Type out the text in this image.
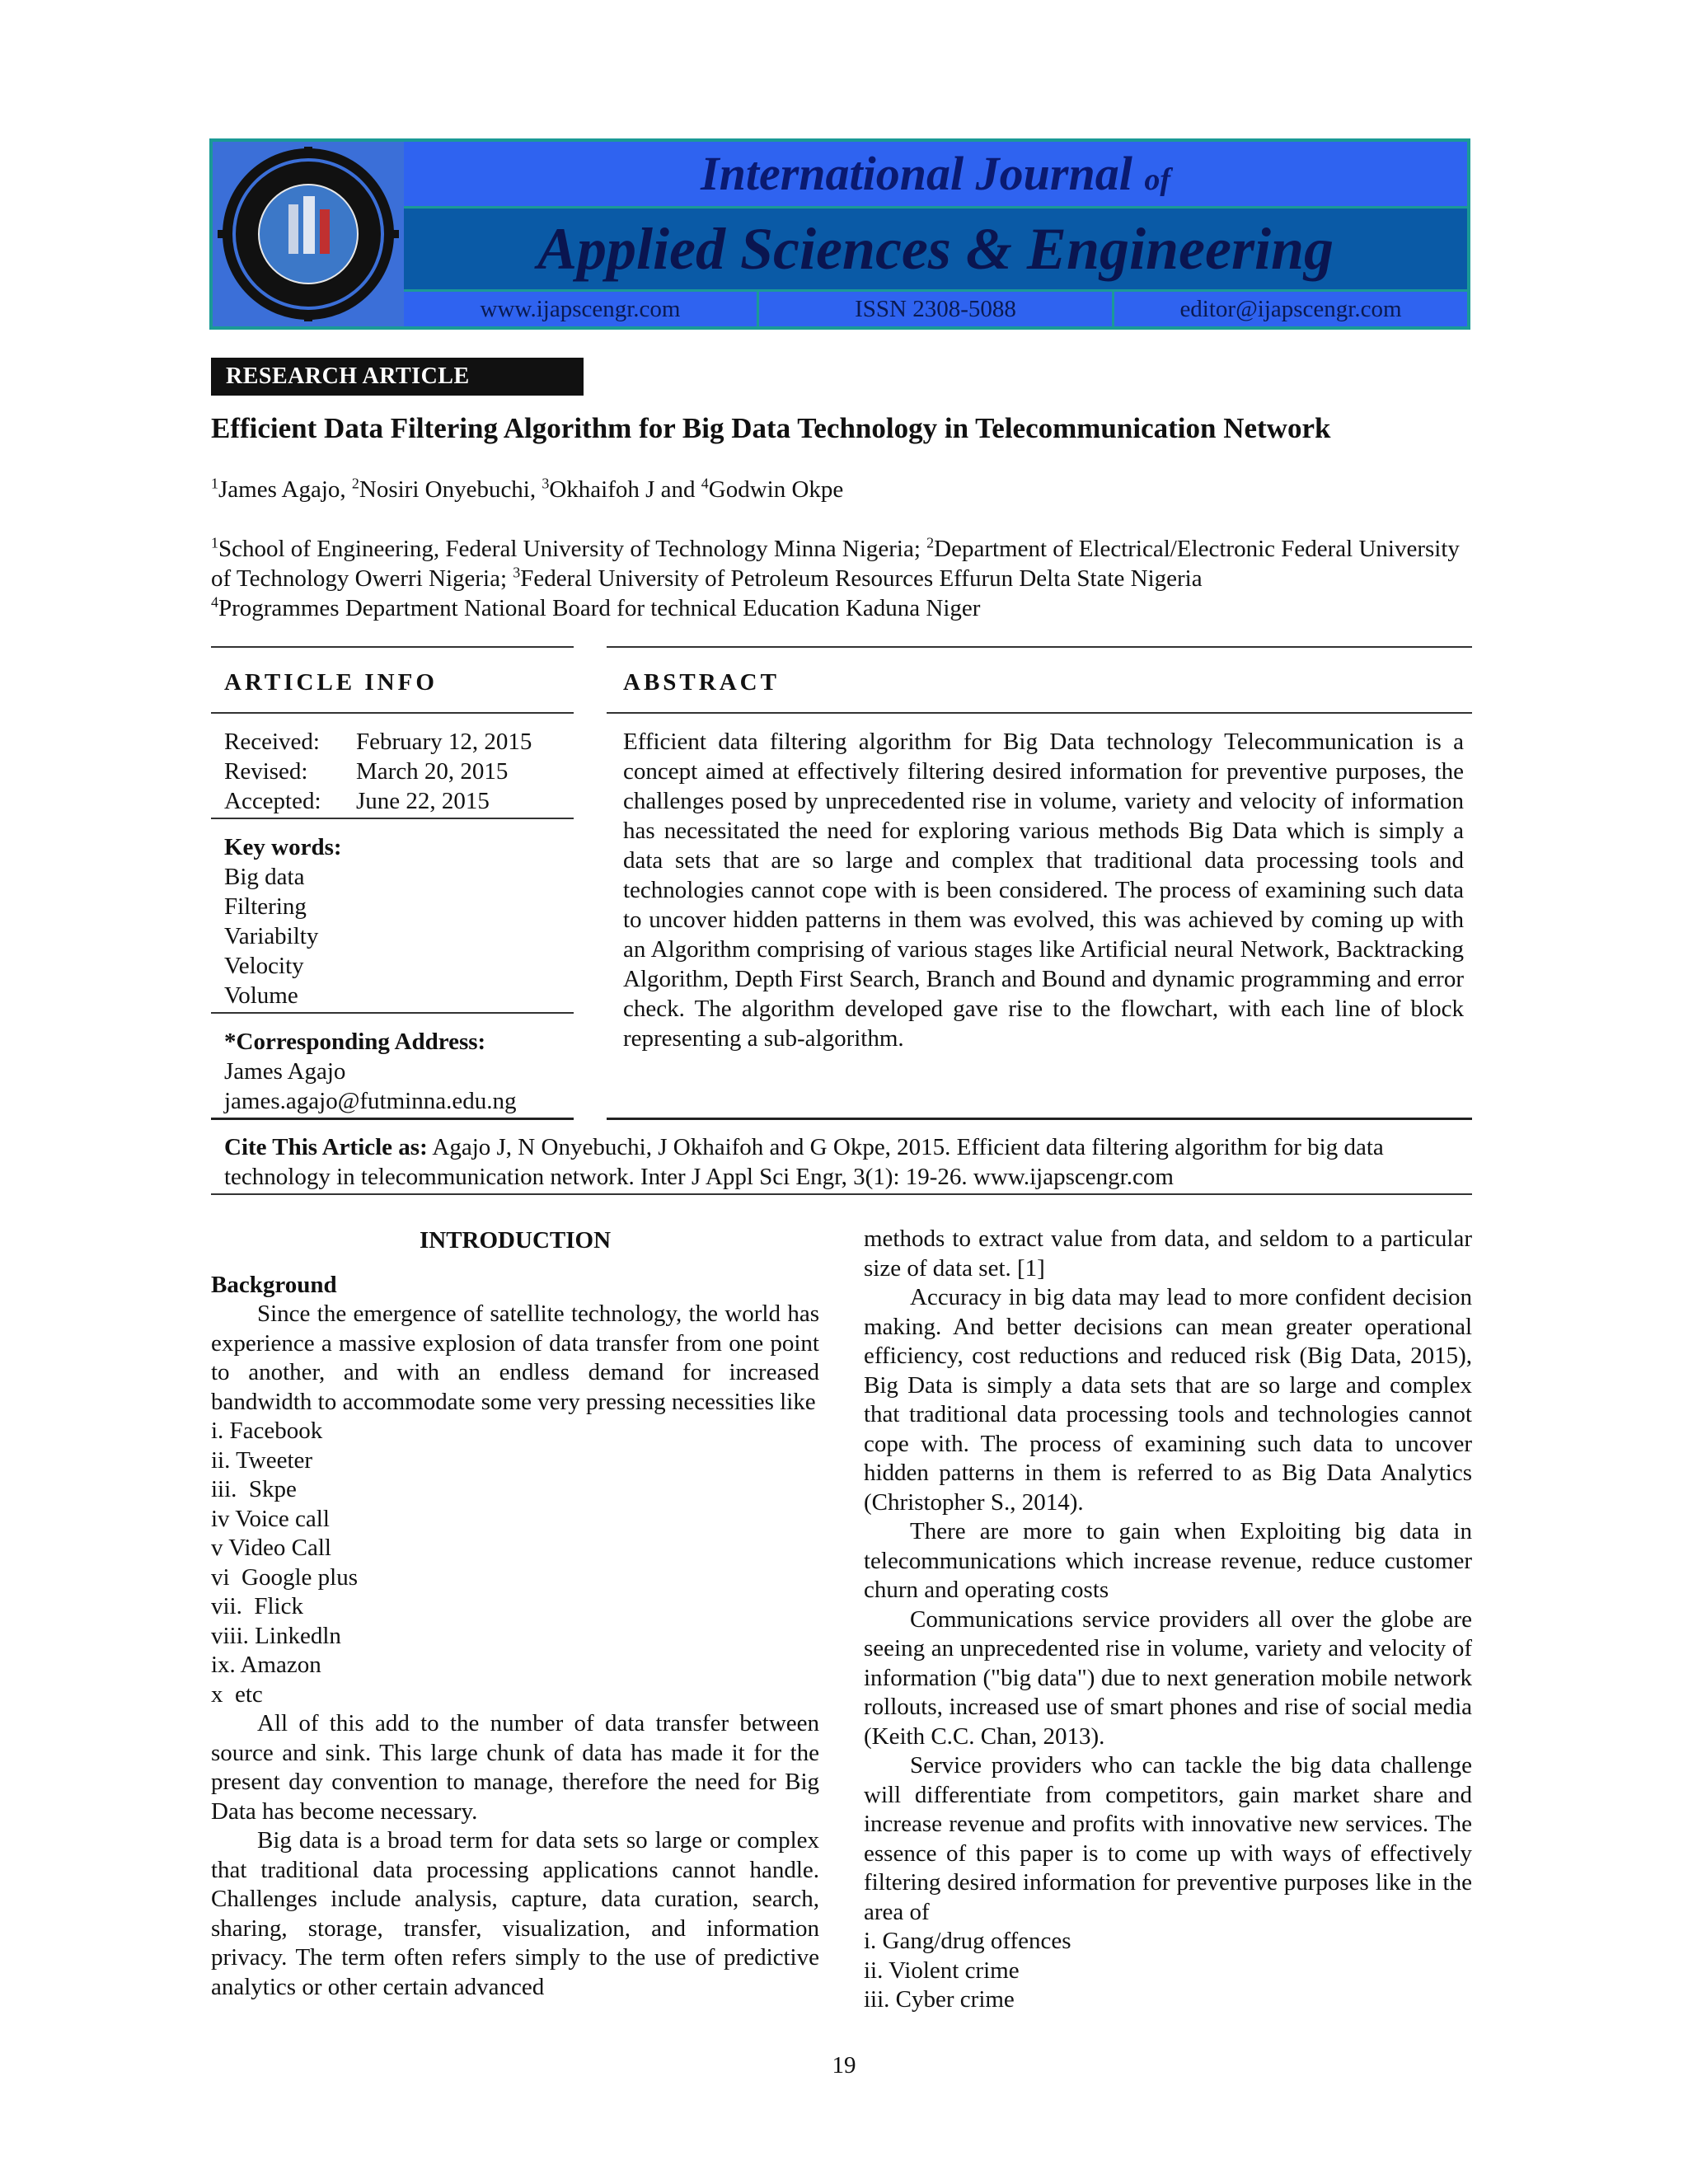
International Journal of
Applied Sciences & Engineering
www.ijapscengr.com	ISSN 2308-5088	editor@ijapscengr.com
RESEARCH ARTICLE
Efficient Data Filtering Algorithm for Big Data Technology in Telecommunication Network
$^1$James Agajo, $^2$Nosiri Onyebuchi, $^3$Okhaifoh J and $^4$Godwin Okpe
$^1$School of Engineering, Federal University of Technology Minna Nigeria; $^2$Department of Electrical/Electronic Federal University of Technology Owerri Nigeria; $^3$Federal University of Petroleum Resources Effurun Delta State Nigeria
$^4$Programmes Department National Board for technical Education Kaduna Niger
ARTICLE INFO
Received:	February 12, 2015
Revised:	March 20, 2015
Accepted:	June 22, 2015
Key words:
Big data
Filtering
Variabilty
Velocity
Volume
*Corresponding Address:
James Agajo
james.agajo@futminna.edu.ng
ABSTRACT
Efficient data filtering algorithm for Big Data technology Telecommunication is a concept aimed at effectively filtering desired information for preventive purposes, the challenges posed by unprecedented rise in volume, variety and velocity of information has necessitated the need for exploring various methods Big Data which is simply a data sets that are so large and complex that traditional data processing tools and technologies cannot cope with is been considered. The process of examining such data to uncover hidden patterns in them was evolved, this was achieved by coming up with an Algorithm comprising of various stages like Artificial neural Network, Backtracking Algorithm, Depth First Search, Branch and Bound and dynamic programming and error check. The algorithm developed gave rise to the flowchart, with each line of block representing a sub-algorithm.
Cite This Article as: Agajo J, N Onyebuchi, J Okhaifoh and G Okpe, 2015. Efficient data filtering algorithm for big data technology in telecommunication network. Inter J Appl Sci Engr, 3(1): 19-26. www.ijapscengr.com

INTRODUCTION

Background

Since the emergence of satellite technology, the world has experience a massive explosion of data transfer from one point to another, and with an endless demand for increased bandwidth to accommodate some very pressing necessities like

i. Facebook
ii. Tweeter
iii.  Skpe
iv Voice call
v Video Call
vi  Google plus
vii.  Flick
viii. Linkedln
ix. Amazon
x  etc

All of this add to the number of data transfer between source and sink. This large chunk of data has made it for the present day convention to manage, therefore the need for Big Data has become necessary.

Big data is a broad term for data sets so large or complex that traditional data processing applications cannot handle. Challenges include analysis, capture, data curation, search, sharing, storage, transfer, visualization, and information privacy. The term often refers simply to the use of predictive analytics or other certain advanced

methods to extract value from data, and seldom to a particular size of data set. [1]

Accuracy in big data may lead to more confident decision making. And better decisions can mean greater operational efficiency, cost reductions and reduced risk (Big Data, 2015), Big Data is simply a data sets that are so large and complex that traditional data processing tools and technologies cannot cope with. The process of examining such data to uncover hidden patterns in them is referred to as Big Data Analytics (Christopher S., 2014).

There are more to gain when Exploiting big data in telecommunications which increase revenue, reduce customer churn and operating costs

Communications service providers all over the globe are seeing an unprecedented rise in volume, variety and velocity of information ("big data") due to next generation mobile network rollouts, increased use of smart phones and rise of social media (Keith C.C. Chan, 2013).

Service providers who can tackle the big data challenge will differentiate from competitors, gain market share and increase revenue and profits with innovative new services. The essence of this paper is to come up with ways of effectively filtering desired information for preventive purposes like in the area of

i. Gang/drug offences
ii. Violent crime
iii. Cyber crime
19
